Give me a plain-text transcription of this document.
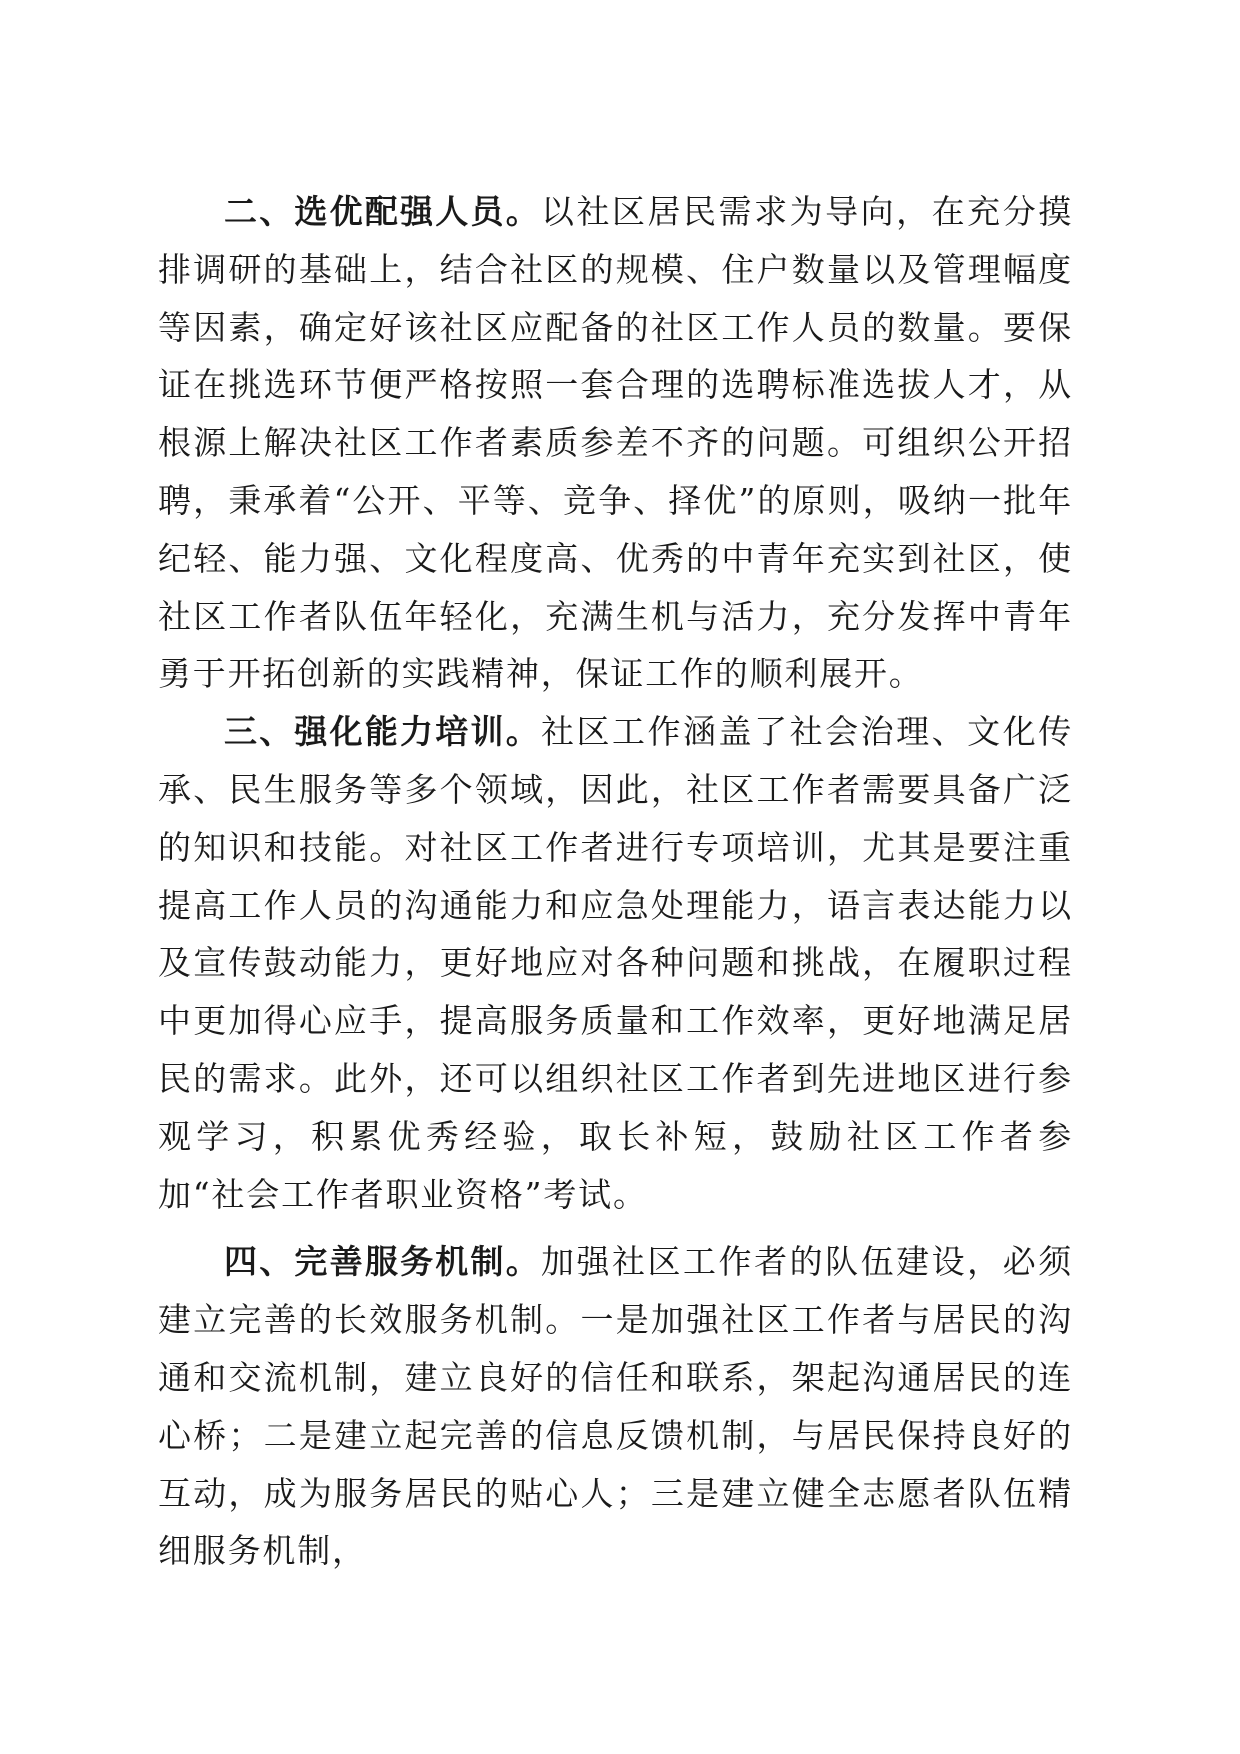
二、选优配强人员。以社区居民需求为导向，在充分摸排调研的基础上，结合社区的规模、住户数量以及管理幅度等因素，确定好该社区应配备的社区工作人员的数量。要保证在挑选环节便严格按照一套合理的选聘标准选拔人才，从根源上解决社区工作者素质参差不齐的问题。可组织公开招聘，秉承着“公开、平等、竞争、择优”的原则，吸纳一批年纪轻、能力强、文化程度高、优秀的中青年充实到社区，使社区工作者队伍年轻化，充满生机与活力，充分发挥中青年勇于开拓创新的实践精神，保证工作的顺利展开。

三、强化能力培训。社区工作涵盖了社会治理、文化传承、民生服务等多个领域，因此，社区工作者需要具备广泛的知识和技能。对社区工作者进行专项培训，尤其是要注重提高工作人员的沟通能力和应急处理能力，语言表达能力以及宣传鼓动能力，更好地应对各种问题和挑战，在履职过程中更加得心应手，提高服务质量和工作效率，更好地满足居民的需求。此外，还可以组织社区工作者到先进地区进行参观学习，积累优秀经验，取长补短，鼓励社区工作者参加“社会工作者职业资格”考试。

四、完善服务机制。加强社区工作者的队伍建设，必须建立完善的长效服务机制。一是加强社区工作者与居民的沟通和交流机制，建立良好的信任和联系，架起沟通居民的连心桥；二是建立起完善的信息反馈机制，与居民保持良好的互动，成为服务居民的贴心人；三是建立健全志愿者队伍精细服务机制，
